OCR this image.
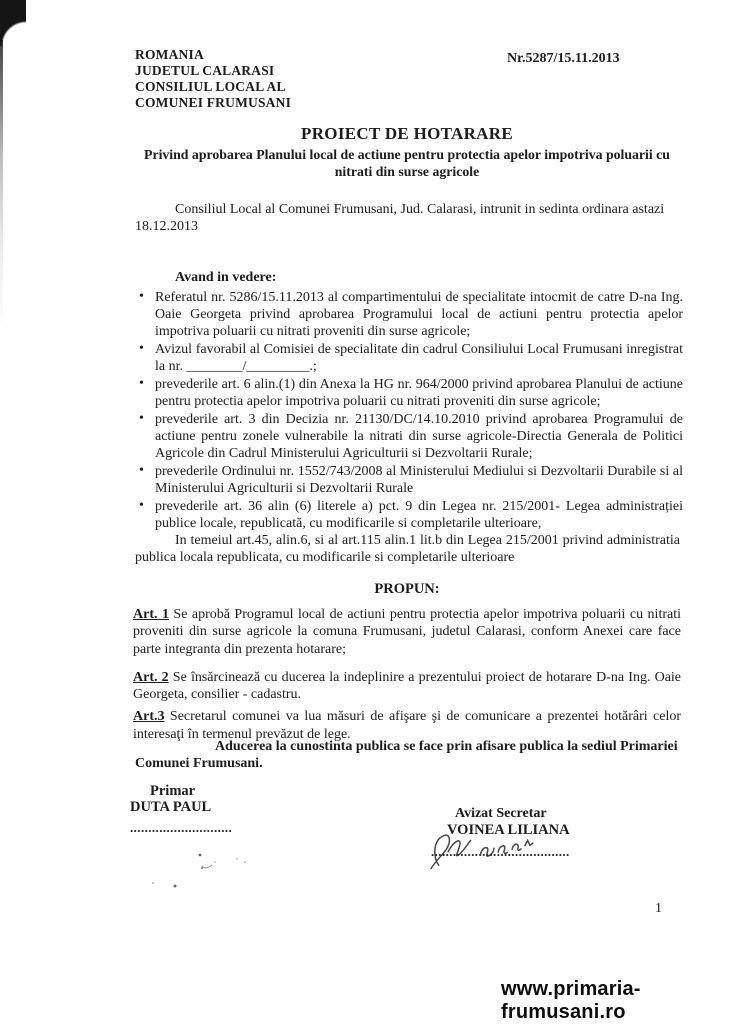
ROMANIA
JUDETUL CALARASI
CONSILIUL LOCAL AL
COMUNEI FRUMUSANI
Nr.5287/15.11.2013
PROIECT DE HOTARARE
Privind aprobarea Planului local de actiune pentru protectia apelor impotriva poluarii cu
nitrati din surse agricole
Consiliul Local al Comunei Frumusani, Jud. Calarasi, intrunit in sedinta ordinara astazi
18.12.2013
Avand in vedere:
• Referatul nr. 5286/15.11.2013 al compartimentului de specialitate intocmit de catre D-na Ing. Oaie Georgeta privind aprobarea Programului local de actiuni pentru protectia apelor impotriva poluarii cu nitrati proveniti din surse agricole;
• Avizul favorabil al Comisiei de specialitate din cadrul Consiliului Local Frumusani inregistrat la nr. ________/_________.;
• prevederile art. 6 alin.(1) din Anexa la HG nr. 964/2000 privind aprobarea Planului de actiune pentru protectia apelor impotriva poluarii cu nitrati proveniti din surse agricole;
• prevederile art. 3 din Decizia nr. 21130/DC/14.10.2010 privind aprobarea Programului de actiune pentru zonele vulnerabile la nitrati din surse agricole-Directia Generala de Politici Agricole din Cadrul Ministerului Agriculturii si Dezvoltarii Rurale;
• prevederile Ordinului nr. 1552/743/2008 al Ministerului Mediului si Dezvoltarii Durabile si al Ministerului Agriculturii si Dezvoltarii Rurale
• prevederile art. 36 alin (6) literele a) pct. 9 din Legea nr. 215/2001- Legea administrației publice locale, republicată, cu modificarile si completarile ulterioare,
In temeiul art.45, alin.6, si al art.115 alin.1 lit.b din Legea 215/2001 privind administratia publica locala republicata, cu modificarile si completarile ulterioare
PROPUN:

Art. 1 Se aprobă Programul local de actiuni pentru protectia apelor impotriva poluarii cu nitrati proveniti din surse agricole la comuna Frumusani, judetul Calarasi, conform Anexei care face parte integranta din prezenta hotarare;

Art. 2 Se însărcinează cu ducerea la indeplinire a prezentului proiect de hotarare D-na Ing. Oaie Georgeta, consilier - cadastru.

Art.3 Secretarul comunei va lua măsuri de afişare şi de comunicare a prezentei hotărâri celor interesaţi în termenul prevăzut de lege.

Aducerea la cunostinta publica se face prin afisare publica la sediul Primariei
Comunei Frumusani.
Primar
DUTA PAUL
............................
Avizat Secretar
VOINEA LILIANA
......................................
1
www.primaria-frumusani.ro
